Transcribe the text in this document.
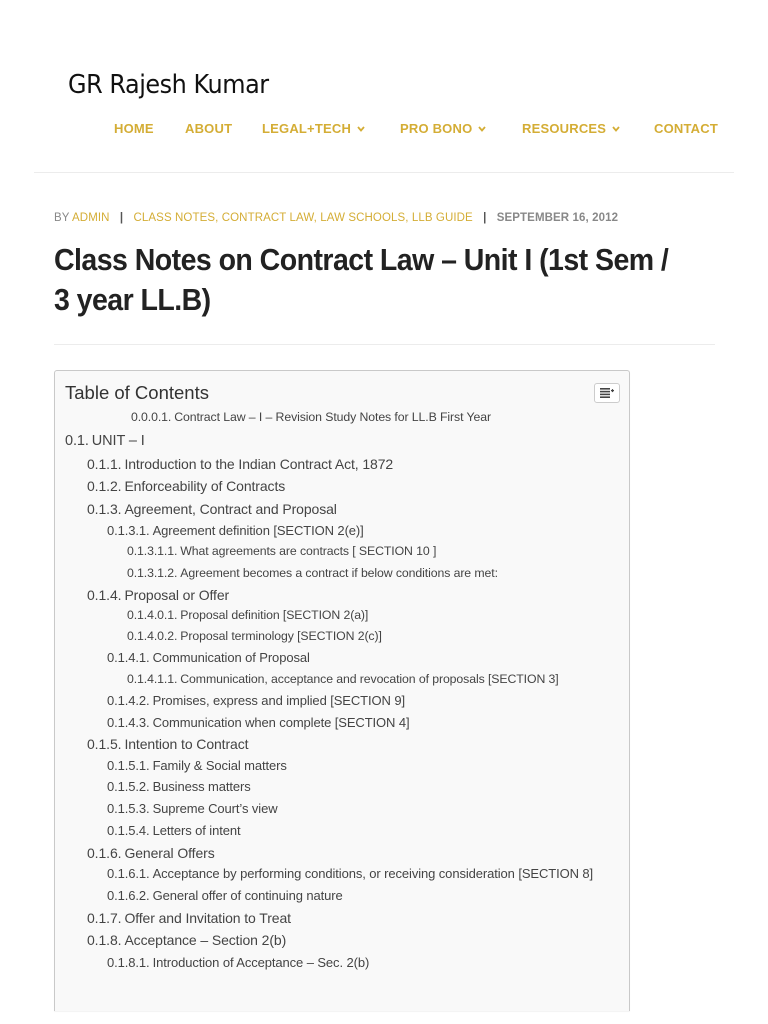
GR Rajesh Kumar
HOME ABOUT LEGAL+TECH	PRO BONO	RESOURCES	CONTACT
BY ADMIN | CLASS NOTES, CONTRACT LAW, LAW SCHOOLS, LLB GUIDE | SEPTEMBER 16, 2012
Class Notes on Contract Law – Unit I (1st Sem / 3 year LL.B)
Table of Contents
0.0.0.1. Contract Law – I – Revision Study Notes for LL.B First Year
0.1. UNIT – I
0.1.1. Introduction to the Indian Contract Act, 1872
0.1.2. Enforceability of Contracts
0.1.3. Agreement, Contract and Proposal
0.1.3.1. Agreement definition [SECTION 2(e)]
0.1.3.1.1. What agreements are contracts [ SECTION 10 ]
0.1.3.1.2. Agreement becomes a contract if below conditions are met:
0.1.4. Proposal or Offer
0.1.4.0.1. Proposal definition [SECTION 2(a)]
0.1.4.0.2. Proposal terminology [SECTION 2(c)]
0.1.4.1. Communication of Proposal
0.1.4.1.1. Communication, acceptance and revocation of proposals [SECTION 3]
0.1.4.2. Promises, express and implied [SECTION 9]
0.1.4.3. Communication when complete [SECTION 4]
0.1.5. Intention to Contract
0.1.5.1. Family & Social matters
0.1.5.2. Business matters
0.1.5.3. Supreme Court’s view
0.1.5.4. Letters of intent
0.1.6. General Offers
0.1.6.1. Acceptance by performing conditions, or receiving consideration [SECTION 8]
0.1.6.2. General offer of continuing nature
0.1.7. Offer and Invitation to Treat
0.1.8. Acceptance – Section 2(b)
0.1.8.1. Introduction of Acceptance – Sec. 2(b)
